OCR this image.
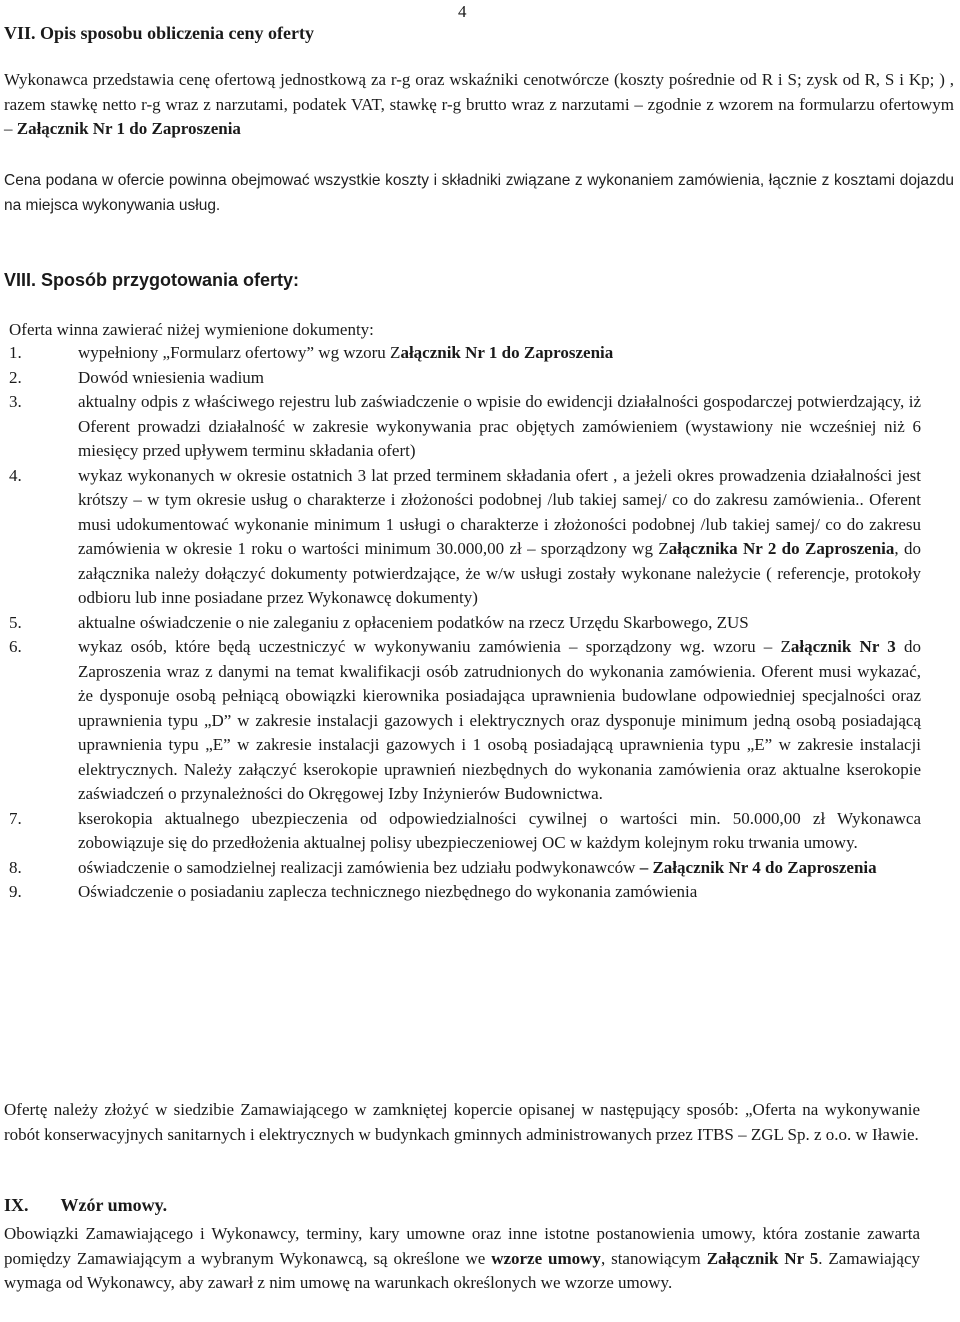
4
VII. Opis sposobu obliczenia ceny oferty
Wykonawca przedstawia cenę ofertową jednostkową za r-g oraz wskaźniki cenotwórcze (koszty pośrednie od R i S; zysk od R, S i Kp; ) , razem stawkę netto r-g wraz z narzutami, podatek VAT, stawkę r-g brutto wraz z narzutami – zgodnie z wzorem na formularzu ofertowym – Załącznik Nr 1 do Zaproszenia
Cena podana w ofercie powinna obejmować wszystkie koszty i składniki związane z wykonaniem zamówienia, łącznie z kosztami dojazdu na miejsca wykonywania usług.
VIII. Sposób przygotowania oferty:
Oferta winna zawierać niżej wymienione dokumenty:
1.	wypełniony „Formularz ofertowy” wg wzoru Załącznik Nr 1 do Zaproszenia
2.	Dowód wniesienia wadium
3.	aktualny odpis z właściwego rejestru lub zaświadczenie o wpisie do ewidencji działalności gospodarczej potwierdzający, iż Oferent prowadzi działalność w zakresie wykonywania prac objętych zamówieniem (wystawiony nie wcześniej niż 6 miesięcy przed upływem terminu składania ofert)
4.	wykaz wykonanych w okresie ostatnich 3 lat przed terminem składania ofert , a jeżeli okres prowadzenia działalności jest krótszy – w tym okresie usług o charakterze i złożoności podobnej /lub takiej samej/ co do zakresu zamówienia.. Oferent musi udokumentować wykonanie minimum 1 usługi o charakterze i złożoności podobnej /lub takiej samej/ co do zakresu zamówienia w okresie 1 roku o wartości minimum 30.000,00 zł – sporządzony wg Załącznika Nr 2 do Zaproszenia, do załącznika należy dołączyć dokumenty potwierdzające, że w/w usługi zostały wykonane należycie ( referencje, protokoły odbioru lub inne posiadane przez Wykonawcę dokumenty)
5.	aktualne oświadczenie o nie zaleganiu z opłaceniem podatków na rzecz Urzędu Skarbowego, ZUS
6.	wykaz osób, które będą uczestniczyć w wykonywaniu zamówienia – sporządzony wg. wzoru – Załącznik Nr 3 do Zaproszenia wraz z danymi na temat kwalifikacji osób zatrudnionych do wykonania zamówienia. Oferent musi wykazać, że dysponuje osobą pełniącą obowiązki kierownika posiadająca uprawnienia budowlane odpowiedniej specjalności oraz uprawnienia typu „D” w zakresie instalacji gazowych i elektrycznych oraz dysponuje minimum jedną osobą posiadającą uprawnienia typu „E” w zakresie instalacji gazowych i 1 osobą posiadającą uprawnienia typu „E” w zakresie instalacji elektrycznych. Należy załączyć kserokopie uprawnień niezbędnych do wykonania zamówienia oraz aktualne kserokopie zaświadczeń o przynależności do Okręgowej Izby Inżynierów Budownictwa.
7.	kserokopia aktualnego ubezpieczenia od odpowiedzialności cywilnej o wartości min. 50.000,00 zł Wykonawca zobowiązuje się do przedłożenia aktualnej polisy ubezpieczeniowej OC w każdym kolejnym roku trwania umowy.
8.	oświadczenie o samodzielnej realizacji zamówienia bez udziału podwykonawców – Załącznik Nr 4 do Zaproszenia
9.	Oświadczenie o posiadaniu zaplecza technicznego niezbędnego do wykonania zamówienia
Ofertę należy złożyć w siedzibie Zamawiającego w zamkniętej kopercie opisanej w następujący sposób: „Oferta na wykonywanie robót konserwacyjnych sanitarnych i elektrycznych w budynkach gminnych administrowanych przez ITBS – ZGL Sp. z o.o. w Iławie.
IX. Wzór umowy.
Obowiązki Zamawiającego i Wykonawcy, terminy, kary umowne oraz inne istotne postanowienia umowy, która zostanie zawarta pomiędzy Zamawiającym a wybranym Wykonawcą, są określone we wzorze umowy, stanowiącym Załącznik Nr 5. Zamawiający wymaga od Wykonawcy, aby zawarł z nim umowę na warunkach określonych we wzorze umowy.
